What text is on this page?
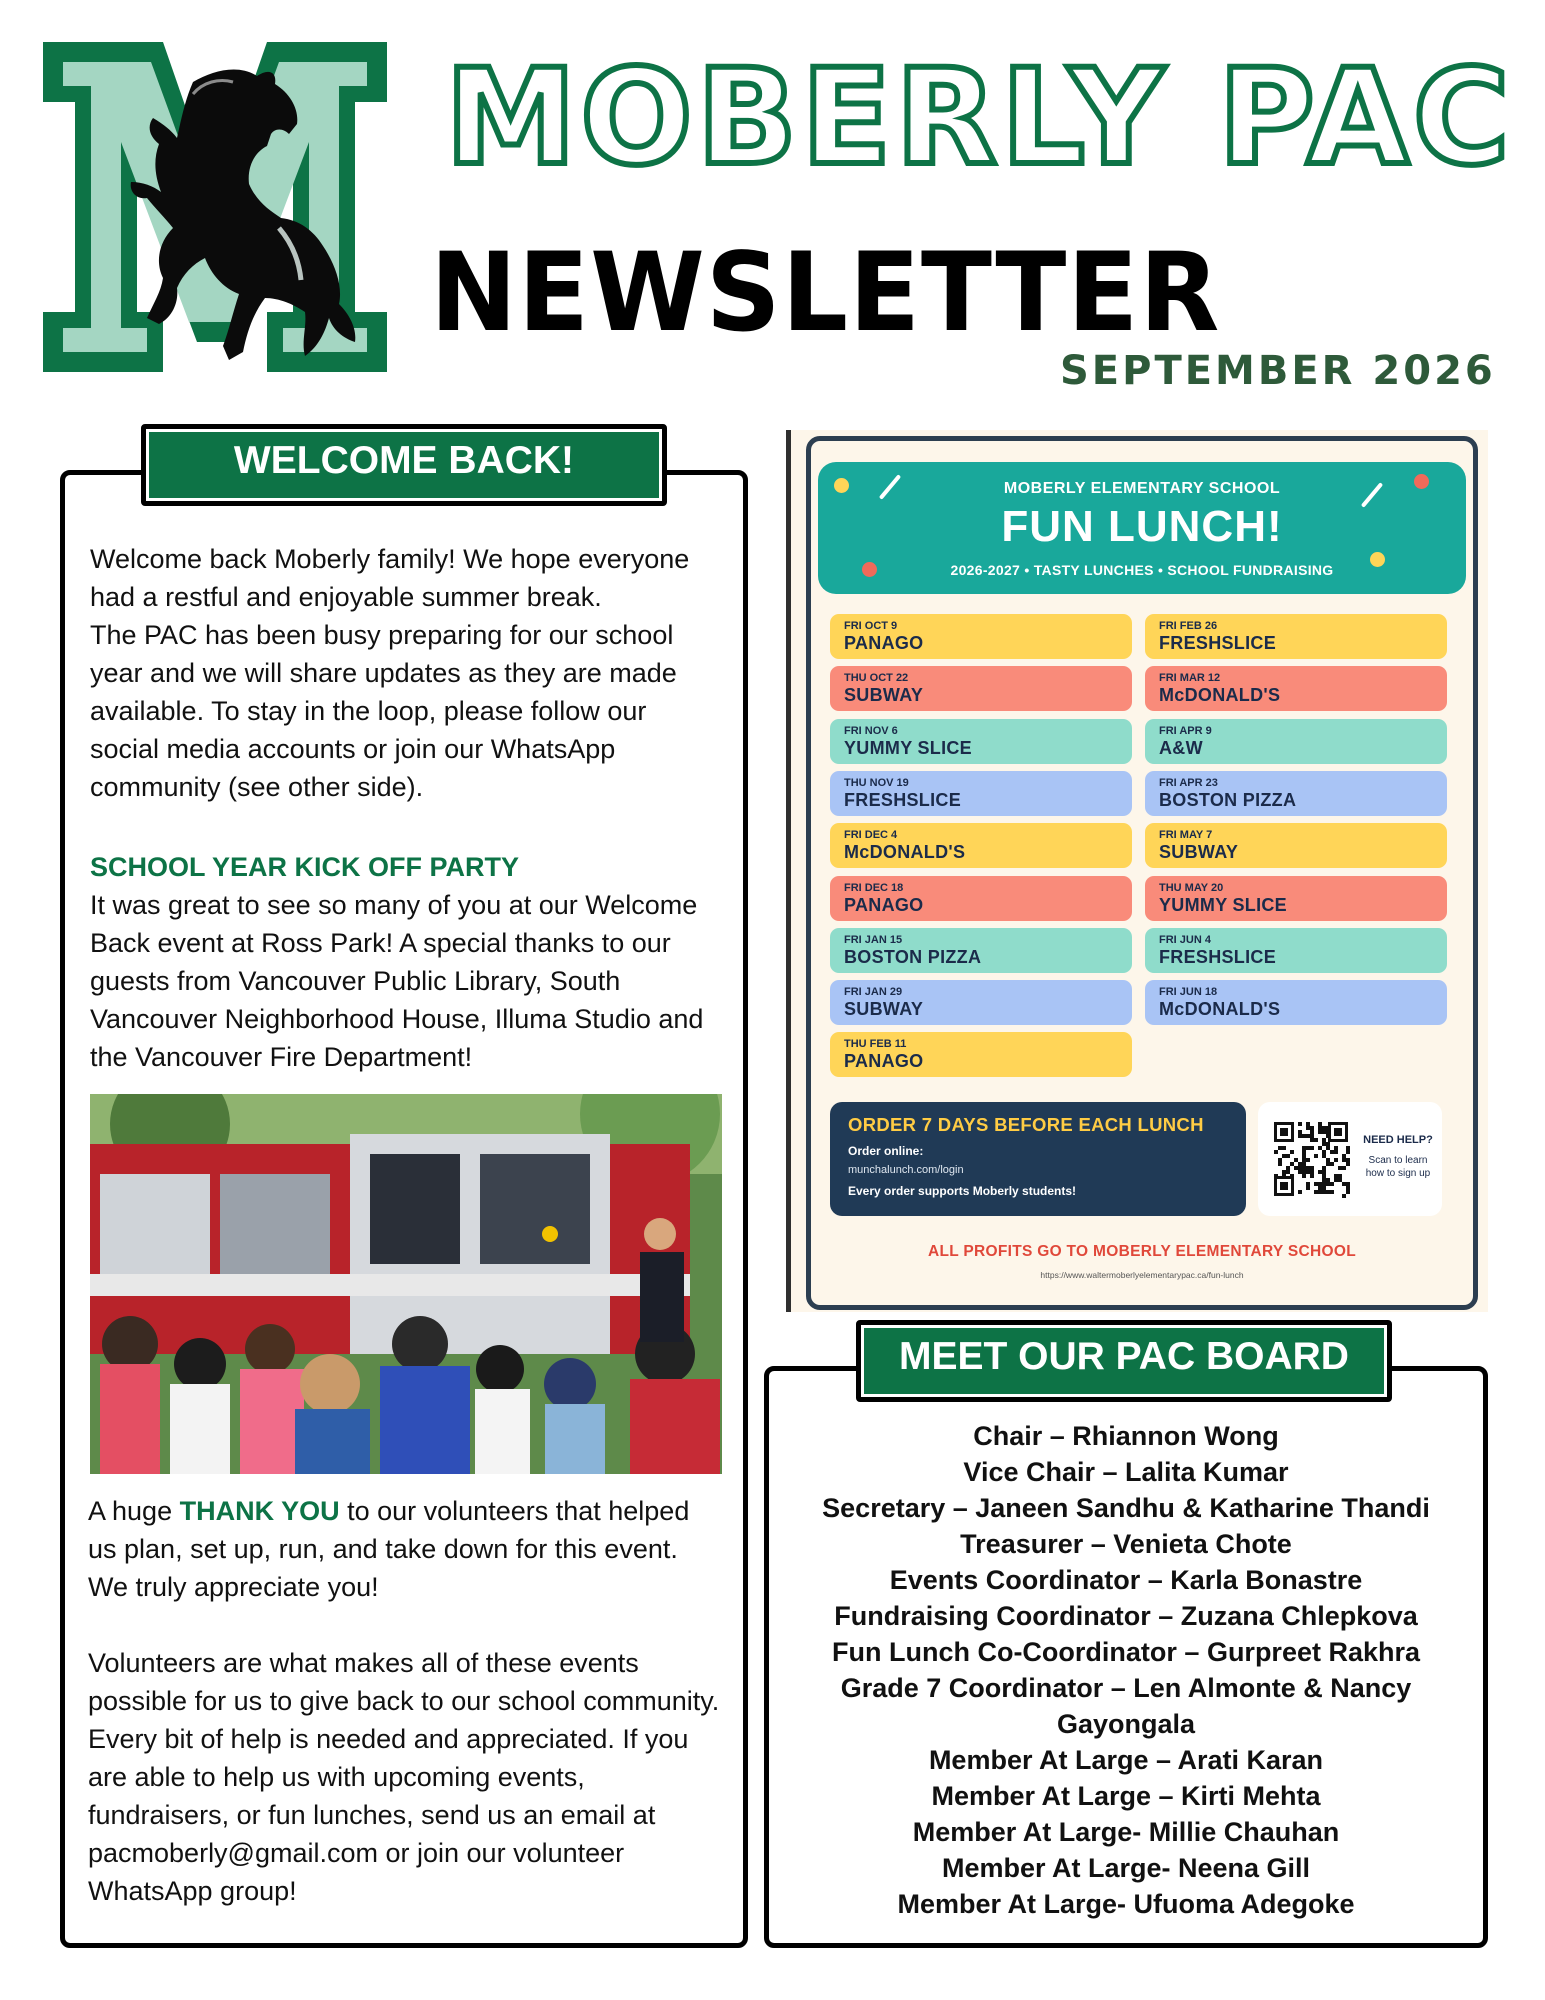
MOBERLY PAC
NEWSLETTER
SEPTEMBER 2026
WELCOME BACK!
Welcome back Moberly family! We hope everyone had a restful and enjoyable summer break.
The PAC has been busy preparing for our school year and we will share updates as they are made available. To stay in the loop, please follow our social media accounts or join our WhatsApp community (see other side).
SCHOOL YEAR KICK OFF PARTY
It was great to see so many of you at our Welcome Back event at Ross Park! A special thanks to our guests from Vancouver Public Library, South Vancouver Neighborhood House, Illuma Studio and the Vancouver Fire Department!
A huge THANK YOU to our volunteers that helped us plan, set up, run, and take down for this event. We truly appreciate you!
Volunteers are what makes all of these events possible for us to give back to our school community. Every bit of help is needed and appreciated. If you are able to help us with upcoming events, fundraisers, or fun lunches, send us an email at pacmoberly@gmail.com or join our volunteer WhatsApp group!
MOBERLY ELEMENTARY SCHOOL
FUN LUNCH!
2026-2027 • TASTY LUNCHES • SCHOOL FUNDRAISING
FRI OCT 9
PANAGO
THU OCT 22
SUBWAY
FRI NOV 6
YUMMY SLICE
THU NOV 19
FRESHSLICE
FRI DEC 4
McDONALD'S
FRI DEC 18
PANAGO
FRI JAN 15
BOSTON PIZZA
FRI JAN 29
SUBWAY
THU FEB 11
PANAGO
FRI FEB 26
FRESHSLICE
FRI MAR 12
McDONALD'S
FRI APR 9
A&W
FRI APR 23
BOSTON PIZZA
FRI MAY 7
SUBWAY
THU MAY 20
YUMMY SLICE
FRI JUN 4
FRESHSLICE
FRI JUN 18
McDONALD'S
ORDER 7 DAYS BEFORE EACH LUNCH
Order online:
munchalunch.com/login
Every order supports Moberly students!
NEED HELP?
Scan to learn how to sign up
ALL PROFITS GO TO MOBERLY ELEMENTARY SCHOOL
https://www.waltermoberlyelementarypac.ca/fun-lunch
MEET OUR PAC BOARD
Chair – Rhiannon Wong
Vice Chair – Lalita Kumar
Secretary – Janeen Sandhu & Katharine Thandi
Treasurer – Venieta Chote
Events Coordinator – Karla Bonastre
Fundraising Coordinator – Zuzana Chlepkova
Fun Lunch Co-Coordinator – Gurpreet Rakhra
Grade 7 Coordinator – Len Almonte & Nancy Gayongala
Member At Large – Arati Karan
Member At Large – Kirti Mehta
Member At Large- Millie Chauhan
Member At Large- Neena Gill
Member At Large- Ufuoma Adegoke
